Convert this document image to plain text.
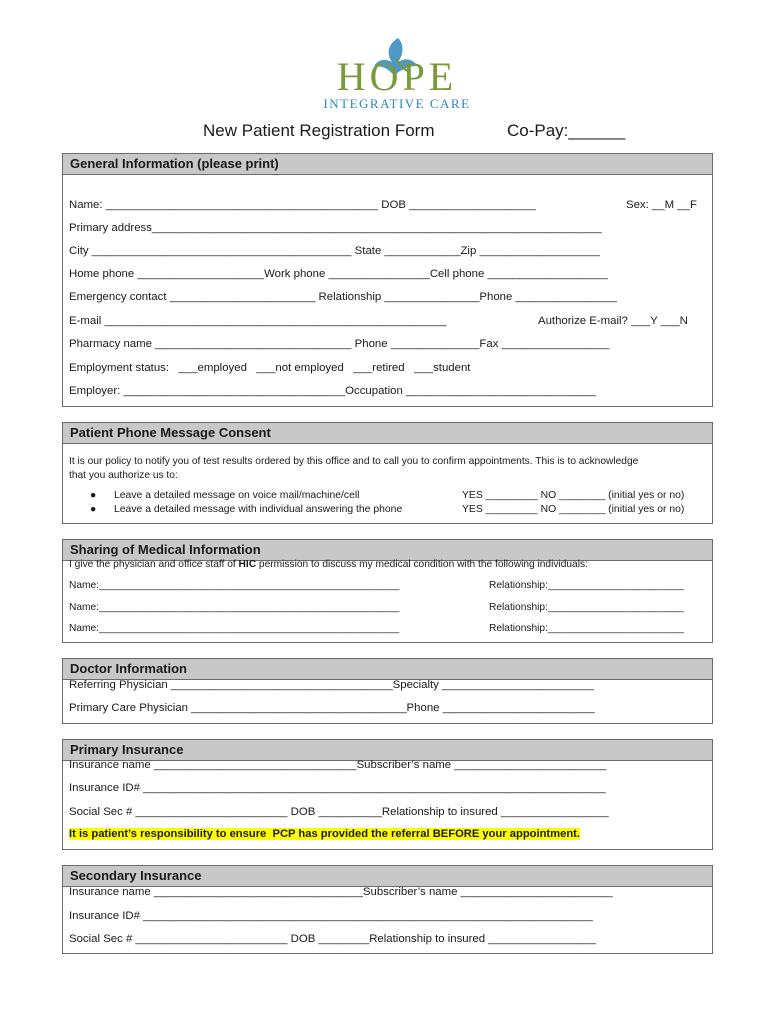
HOPE
INTEGRATIVE CARE
New Patient Registration Form	Co-Pay:______
General Information (please print)
Name: ___________________________________________ DOB ____________________	Sex: __M __F
Primary address_______________________________________________________________________
City _________________________________________ State ____________Zip ___________________
Home phone ____________________Work phone ________________Cell phone ___________________
Emergency contact _______________________ Relationship _______________Phone ________________
E-mail ______________________________________________________	Authorize E-mail? ___Y ___N
Pharmacy name _______________________________ Phone ______________Fax _________________
Employment status:   ___employed   ___not employed   ___retired   ___student
Employer: ___________________________________Occupation ______________________________
Patient Phone Message Consent
It is our policy to notify you of test results ordered by this office and to call you to confirm appointments. This is to acknowledge
that you authorize us to:
● Leave a detailed message on voice mail/machine/cell	YES _________ NO ________ (initial yes or no)
● Leave a detailed message with individual answering the phone	YES _________ NO ________ (initial yes or no)
Sharing of Medical Information
I give the physician and office staff of HIC permission to discuss my medical condition with the following individuals:
Name:_____________________________________________________	Relationship:________________________
Name:_____________________________________________________	Relationship:________________________
Name:_____________________________________________________	Relationship:________________________
Doctor Information
Referring Physician ___________________________________Specialty ________________________
Primary Care Physician __________________________________Phone ________________________
Primary Insurance
Insurance name ________________________________Subscriber’s name ________________________
Insurance ID# _________________________________________________________________________
Social Sec # ________________________ DOB __________Relationship to insured _________________
It is patient’s responsibility to ensure  PCP has provided the referral BEFORE your appointment.
Secondary Insurance
Insurance name _________________________________Subscriber’s name ________________________
Insurance ID# _______________________________________________________________________
Social Sec # ________________________ DOB ________Relationship to insured _________________
